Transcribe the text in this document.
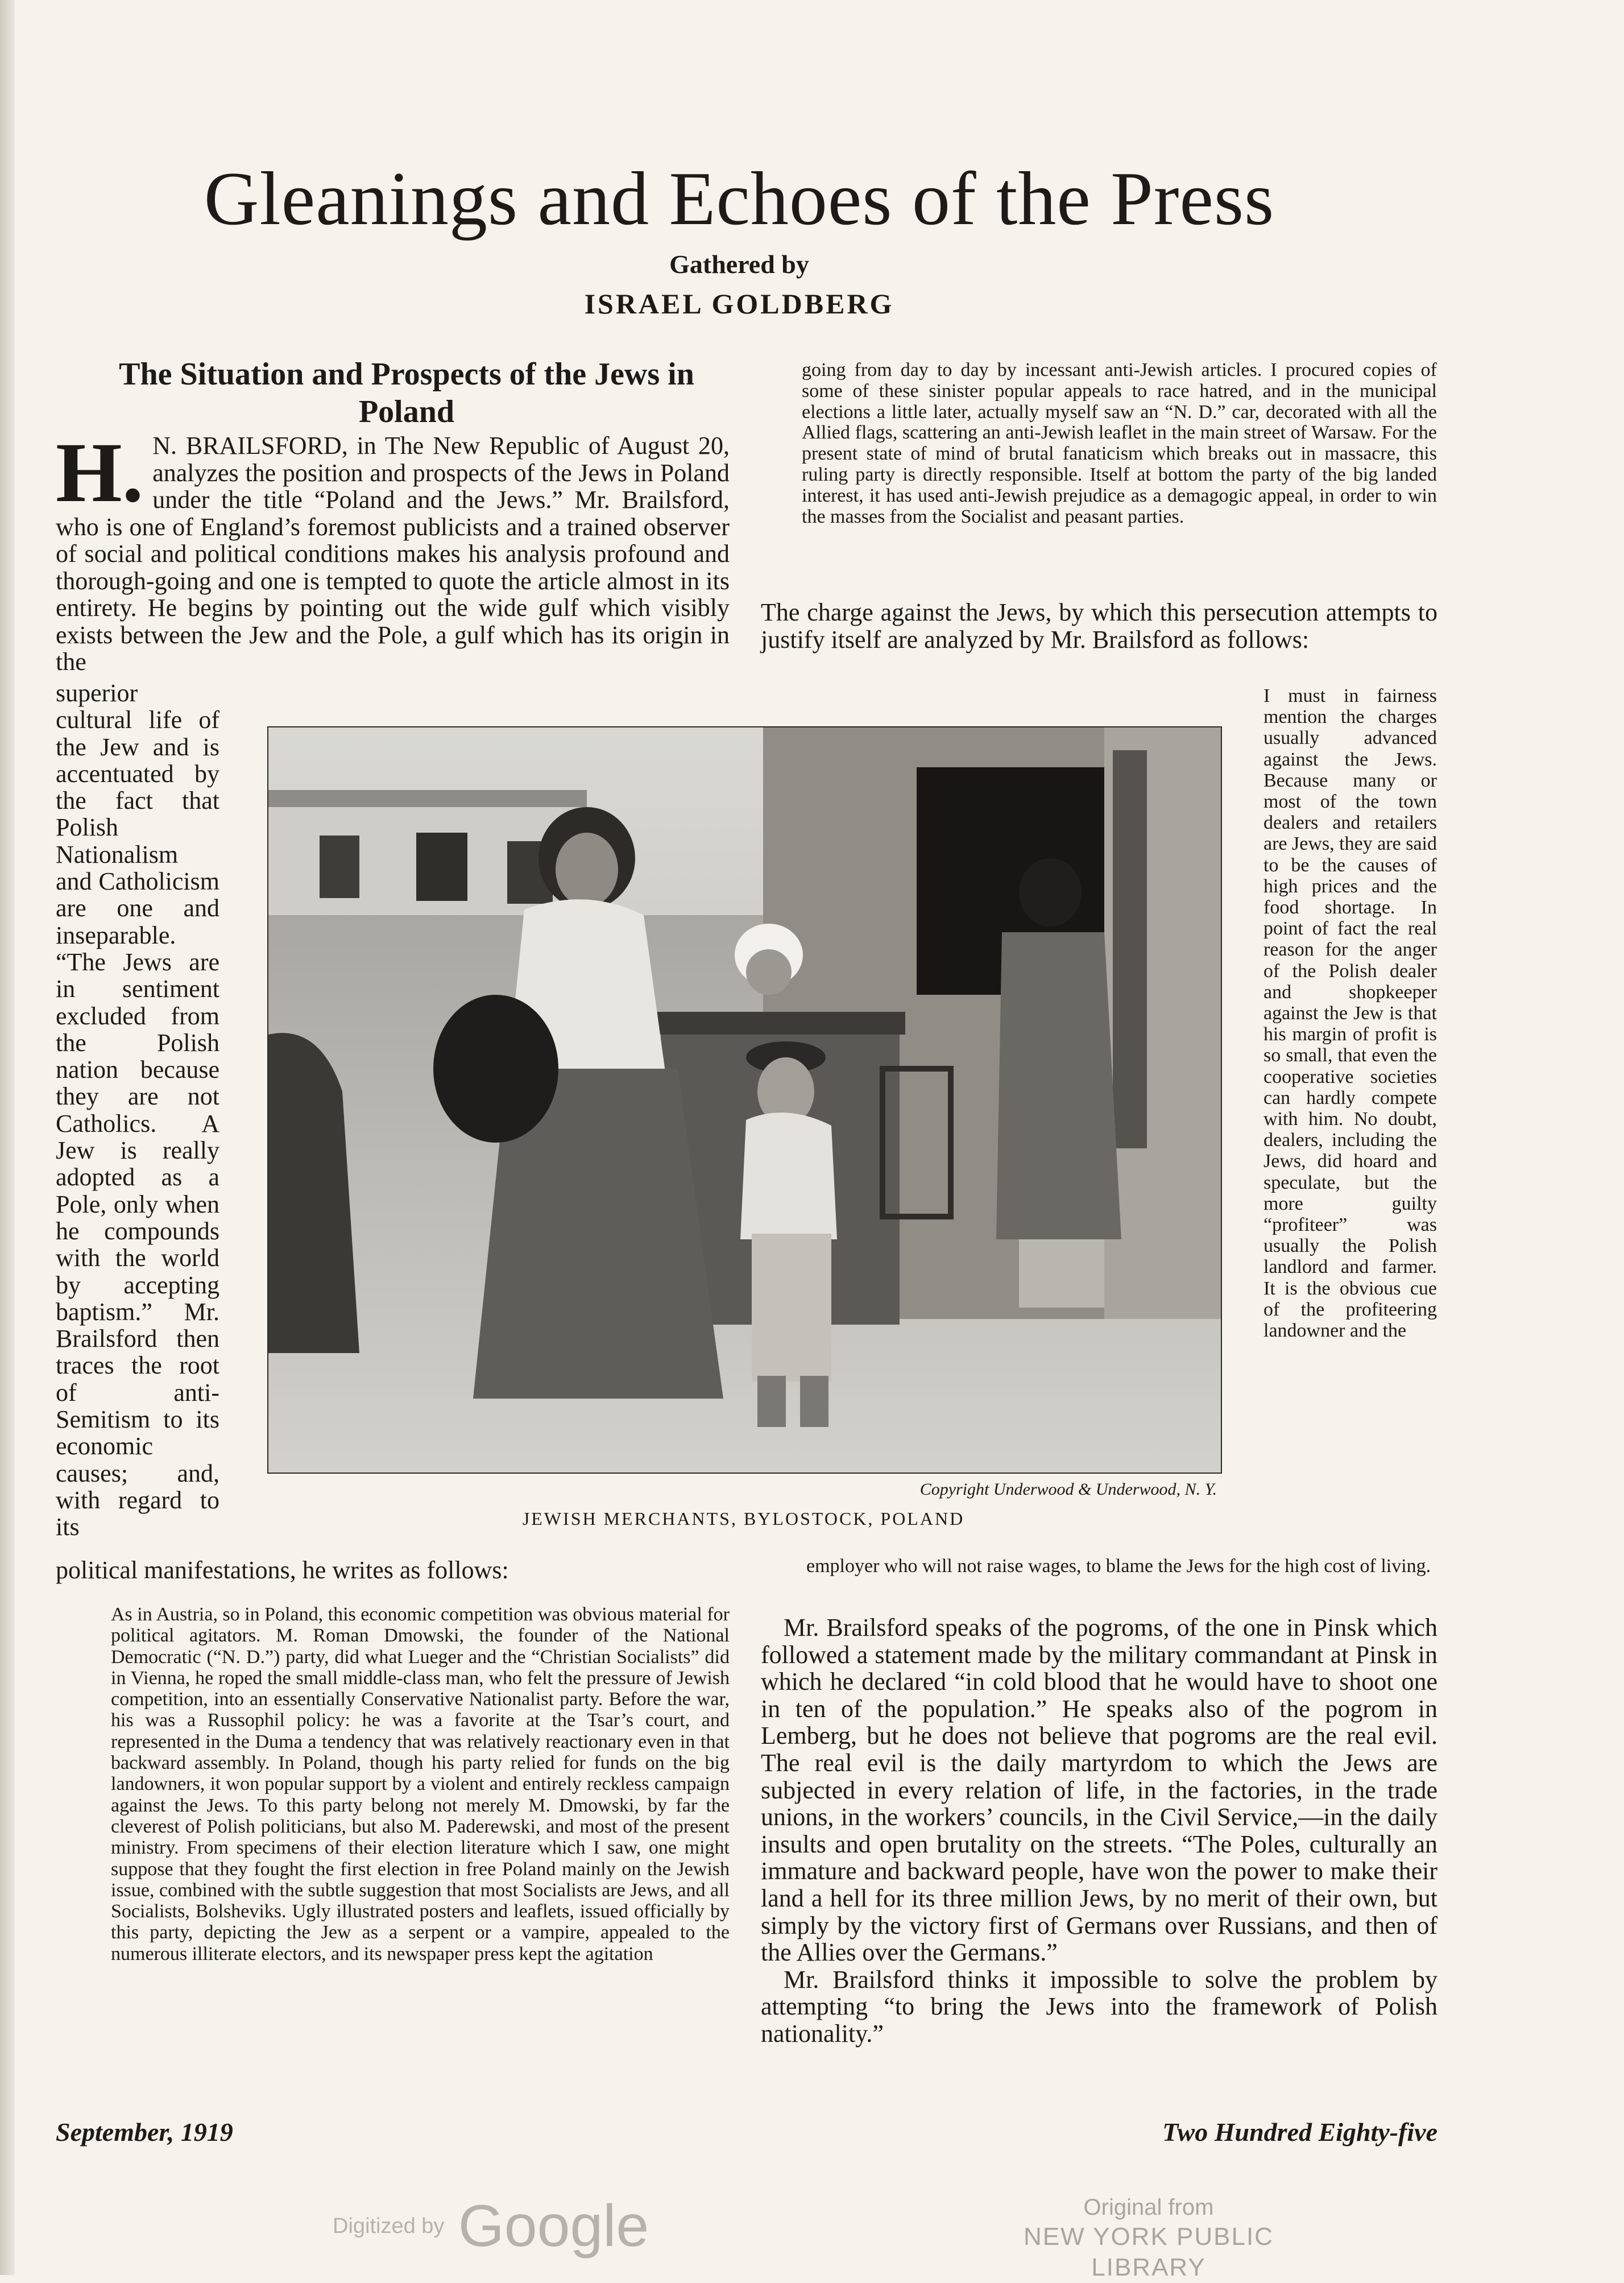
Gleanings and Echoes of the Press
Gathered by
ISRAEL GOLDBERG
The Situation and Prospects of the Jews in Poland
H. N. BRAILSFORD, in The New Republic of August 20, analyzes the position and prospects of the Jews in Poland under the title “Poland and the Jews.” Mr. Brailsford, who is one of England’s foremost publicists and a trained observer of social and political conditions makes his analysis profound and thorough-going and one is tempted to quote the article almost in its entirety. He begins by pointing out the wide gulf which visibly exists between the Jew and the Pole, a gulf which has its origin in the
superior cultural life of the Jew and is accentuated by the fact that Polish Nationalism and Catholicism are one and inseparable. “The Jews are in sentiment excluded from the Polish nation because they are not Catholics. A Jew is really adopted as a Pole, only when he compounds with the world by accepting baptism.” Mr. Brailsford then traces the root of anti-Semitism to its economic causes; and, with regard to its
going from day to day by incessant anti-Jewish articles. I procured copies of some of these sinister popular appeals to race hatred, and in the municipal elections a little later, actually myself saw an “N. D.” car, decorated with all the Allied flags, scattering an anti-Jewish leaflet in the main street of Warsaw. For the present state of mind of brutal fanaticism which breaks out in massacre, this ruling party is directly responsible. Itself at bottom the party of the big landed interest, it has used anti-Jewish prejudice as a demagogic appeal, in order to win the masses from the Socialist and peasant parties.
The charge against the Jews, by which this persecution attempts to justify itself are analyzed by Mr. Brailsford as follows:
I must in fairness mention the charges usually advanced against the Jews. Because many or most of the town dealers and retailers are Jews, they are said to be the causes of high prices and the food shortage. In point of fact the real reason for the anger of the Polish dealer and shopkeeper against the Jew is that his margin of profit is so small, that even the cooperative societies can hardly compete with him. No doubt, dealers, including the Jews, did hoard and speculate, but the more guilty “profiteer” was usually the Polish landlord and farmer. It is the obvious cue of the profiteering landowner and the
Copyright Underwood & Underwood, N. Y.
JEWISH MERCHANTS, BYLOSTOCK, POLAND
political manifestations, he writes as follows:	employer who will not raise wages, to blame the Jews for the high cost of living.
As in Austria, so in Poland, this economic competition was obvious material for political agitators. M. Roman Dmowski, the founder of the National Democratic (“N. D.”) party, did what Lueger and the “Christian Socialists” did in Vienna, he roped the small middle-class man, who felt the pressure of Jewish competition, into an essentially Conservative Nationalist party. Before the war, his was a Russophil policy: he was a favorite at the Tsar’s court, and represented in the Duma a tendency that was relatively reactionary even in that backward assembly. In Poland, though his party relied for funds on the big landowners, it won popular support by a violent and entirely reckless campaign against the Jews. To this party belong not merely M. Dmowski, by far the cleverest of Polish politicians, but also M. Paderewski, and most of the present ministry. From specimens of their election literature which I saw, one might suppose that they fought the first election in free Poland mainly on the Jewish issue, combined with the subtle suggestion that most Socialists are Jews, and all Socialists, Bolsheviks. Ugly illustrated posters and leaflets, issued officially by this party, depicting the Jew as a serpent or a vampire, appealed to the numerous illiterate electors, and its newspaper press kept the agitation

Mr. Brailsford speaks of the pogroms, of the one in Pinsk which followed a statement made by the military commandant at Pinsk in which he declared “in cold blood that he would have to shoot one in ten of the population.” He speaks also of the pogrom in Lemberg, but he does not believe that pogroms are the real evil. The real evil is the daily martyrdom to which the Jews are subjected in every relation of life, in the factories, in the trade unions, in the workers’ councils, in the Civil Service,—in the daily insults and open brutality on the streets. “The Poles, culturally an immature and backward people, have won the power to make their land a hell for its three million Jews, by no merit of their own, but simply by the victory first of Germans over Russians, and then of the Allies over the Germans.”

Mr. Brailsford thinks it impossible to solve the problem by attempting “to bring the Jews into the framework of Polish nationality.”

September, 1919	Two Hundred Eighty-five
Digitized by Google	Original from
NEW YORK PUBLIC LIBRARY
